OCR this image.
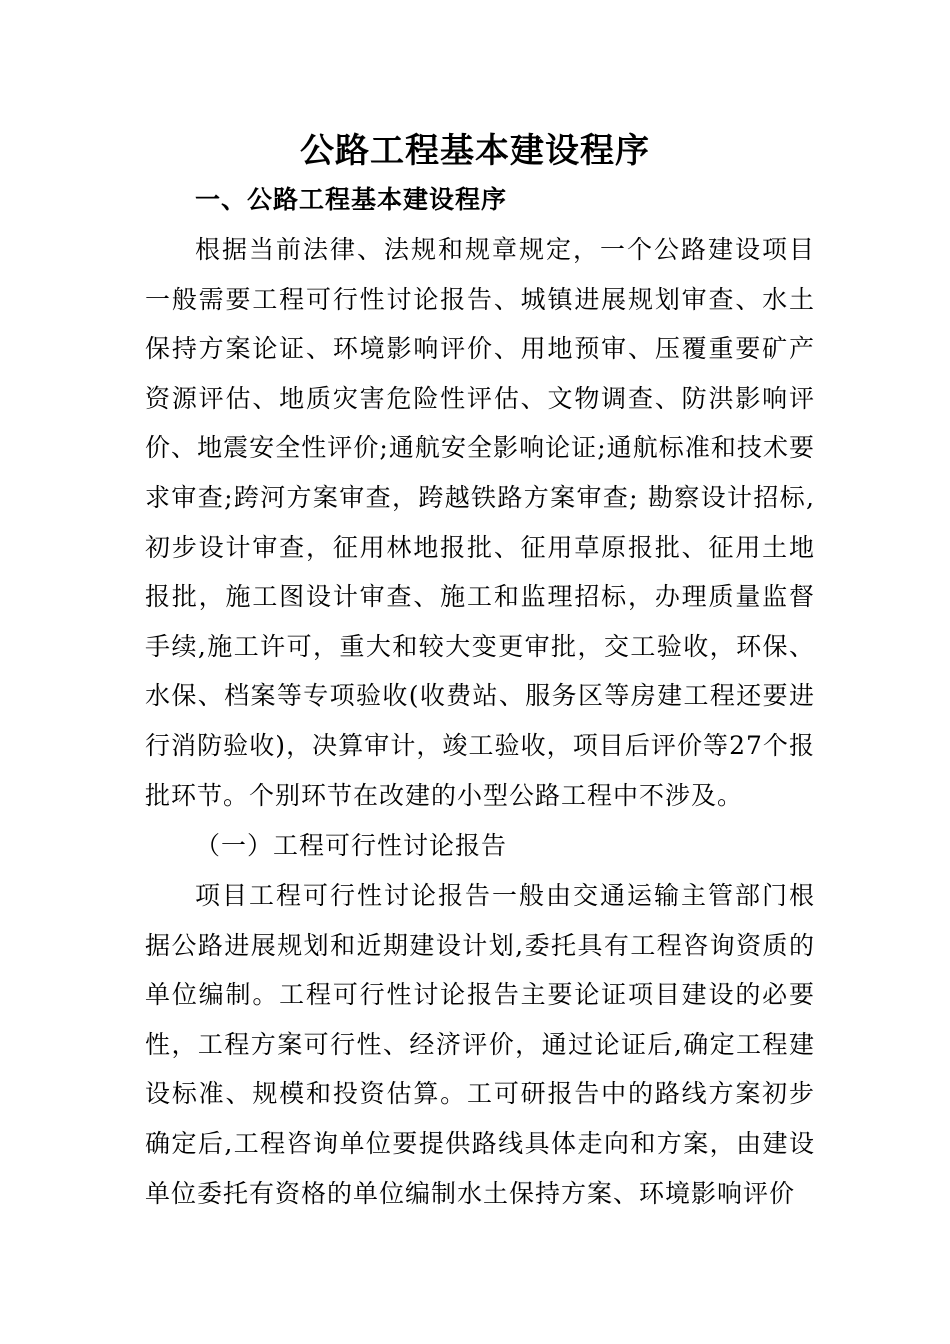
公路工程基本建设程序
一、公路工程基本建设程序

根据当前法律、法规和规章规定，一个公路建设项目一般需要工程可行性讨论报告、城镇进展规划审查、水土保持方案论证、环境影响评价、用地预审、压覆重要矿产资源评估、地质灾害危险性评估、文物调查、防洪影响评价、地震安全性评价;通航安全影响论证;通航标准和技术要求审查;跨河方案审查，跨越铁路方案审查; 勘察设计招标,初步设计审查，征用林地报批、征用草原报批、征用土地报批，施工图设计审查、施工和监理招标，办理质量监督手续,施工许可，重大和较大变更审批，交工验收，环保、水保、档案等专项验收(收费站、服务区等房建工程还要进行消防验收)，决算审计，竣工验收，项目后评价等27个报批环节。个别环节在改建的小型公路工程中不涉及。

（一）工程可行性讨论报告

项目工程可行性讨论报告一般由交通运输主管部门根据公路进展规划和近期建设计划,委托具有工程咨询资质的单位编制。工程可行性讨论报告主要论证项目建设的必要性，工程方案可行性、经济评价，通过论证后,确定工程建设标准、规模和投资估算。工可研报告中的路线方案初步确定后,工程咨询单位要提供路线具体走向和方案，由建设单位委托有资格的单位编制水土保持方案、环境影响评价
